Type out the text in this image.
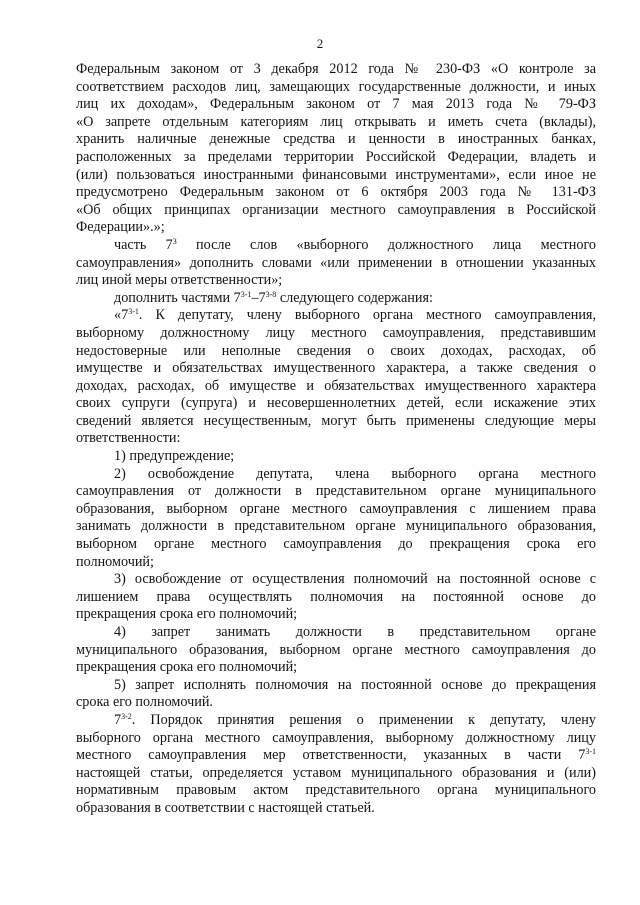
2
Федеральным законом от 3 декабря 2012 года № 230-ФЗ «О контроле за
соответствием расходов лиц, замещающих государственные должности, и иных
лиц их доходам», Федеральным законом от 7 мая 2013 года № 79-ФЗ
«О запрете отдельным категориям лиц открывать и иметь счета (вклады),
хранить наличные денежные средства и ценности в иностранных банках,
расположенных за пределами территории Российской Федерации, владеть и
(или) пользоваться иностранными финансовыми инструментами», если иное не
предусмотрено Федеральным законом от 6 октября 2003 года № 131-ФЗ
«Об общих принципах организации местного самоуправления в Российской
Федерации».»;
часть $7^3$ после слов «выборного должностного лица местного
самоуправления» дополнить словами «или применении в отношении указанных
лиц иной меры ответственности»;
дополнить частями 7$^{3-1}$–7$^{3-8}$ следующего содержания:
«7$^{3-1}$. К депутату, члену выборного органа местного самоуправления,
выборному должностному лицу местного самоуправления, представившим
недостоверные или неполные сведения о своих доходах, расходах, об
имуществе и обязательствах имущественного характера, а также сведения о
доходах, расходах, об имуществе и обязательствах имущественного характера
своих супруги (супруга) и несовершеннолетних детей, если искажение этих
сведений является несущественным, могут быть применены следующие меры
ответственности:
1) предупреждение;
2) освобождение депутата, члена выборного органа местного
самоуправления от должности в представительном органе муниципального
образования, выборном органе местного самоуправления с лишением права
занимать должности в представительном органе муниципального образования,
выборном органе местного самоуправления до прекращения срока его
полномочий;
3) освобождение от осуществления полномочий на постоянной основе с
лишением права осуществлять полномочия на постоянной основе до
прекращения срока его полномочий;
4) запрет занимать должности в представительном органе
муниципального образования, выборном органе местного самоуправления до
прекращения срока его полномочий;
5) запрет исполнять полномочия на постоянной основе до прекращения
срока его полномочий.
7$^{3-2}$. Порядок принятия решения о применении к депутату, члену
выборного органа местного самоуправления, выборному должностному лицу
местного самоуправления мер ответственности, указанных в части 7$^{3-1}$
настоящей статьи, определяется уставом муниципального образования и (или)
нормативным правовым актом представительного органа муниципального
образования в соответствии с настоящей статьей.
